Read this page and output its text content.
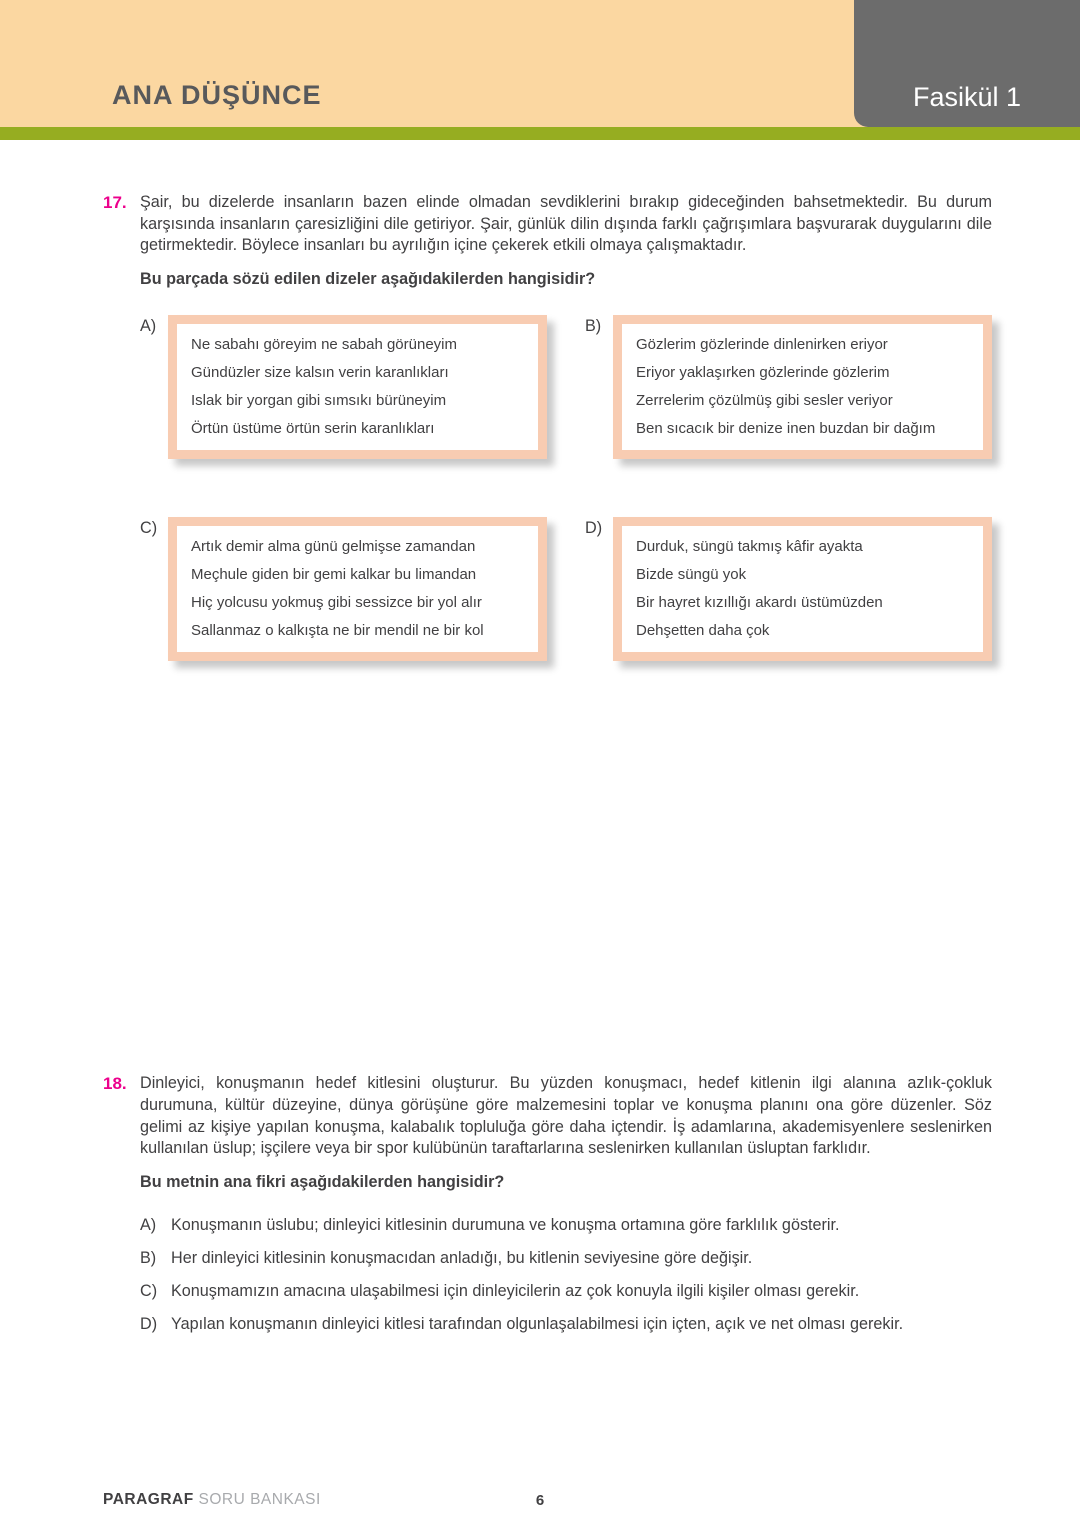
ANA DÜŞÜNCE	Fasikül 1
17. Şair, bu dizelerde insanların bazen elinde olmadan sevdiklerini bırakıp gideceğinden bahsetmektedir. Bu durum karşısında insanların çaresizliğini dile getiriyor. Şair, günlük dilin dışında farklı çağrışımlara başvurarak duygularını dile getirmektedir. Böylece insanları bu ayrılığın içine çekerek etkili olmaya çalışmaktadır.
Bu parçada sözü edilen dizeler aşağıdakilerden hangisidir?
A)
Ne sabahı göreyim ne sabah görüneyim
Gündüzler size kalsın verin karanlıkları
Islak bir yorgan gibi sımsıkı bürüneyim
Örtün üstüme örtün serin karanlıkları
B)
Gözlerim gözlerinde dinlenirken eriyor
Eriyor yaklaşırken gözlerinde gözlerim
Zerrelerim çözülmüş gibi sesler veriyor
Ben sıcacık bir denize inen buzdan bir dağım
C)
Artık demir alma günü gelmişse zamandan
Meçhule giden bir gemi kalkar bu limandan
Hiç yolcusu yokmuş gibi sessizce bir yol alır
Sallanmaz o kalkışta ne bir mendil ne bir kol
D)
Durduk, süngü takmış kâfir ayakta
Bizde süngü yok
Bir hayret kızıllığı akardı üstümüzden
Dehşetten daha çok
18. Dinleyici, konuşmanın hedef kitlesini oluşturur. Bu yüzden konuşmacı, hedef kitlenin ilgi alanına azlık-çokluk durumuna, kültür düzeyine, dünya görüşüne göre malzemesini toplar ve konuşma planını ona göre düzenler. Söz gelimi az kişiye yapılan konuşma, kalabalık topluluğa göre daha içtendir. İş adamlarına, akademisyenlere seslenirken kullanılan üslup; işçilere veya bir spor kulübünün taraftarlarına seslenirken kullanılan üsluptan farklıdır.
Bu metnin ana fikri aşağıdakilerden hangisidir?
A) Konuşmanın üslubu; dinleyici kitlesinin durumuna ve konuşma ortamına göre farklılık gösterir.
B) Her dinleyici kitlesinin konuşmacıdan anladığı, bu kitlenin seviyesine göre değişir.
C) Konuşmamızın amacına ulaşabilmesi için dinleyicilerin az çok konuyla ilgili kişiler olması gerekir.
D) Yapılan konuşmanın dinleyici kitlesi tarafından olgunlaşalabilmesi için içten, açık ve net olması gerekir.
PARAGRAF SORU BANKASI	6
